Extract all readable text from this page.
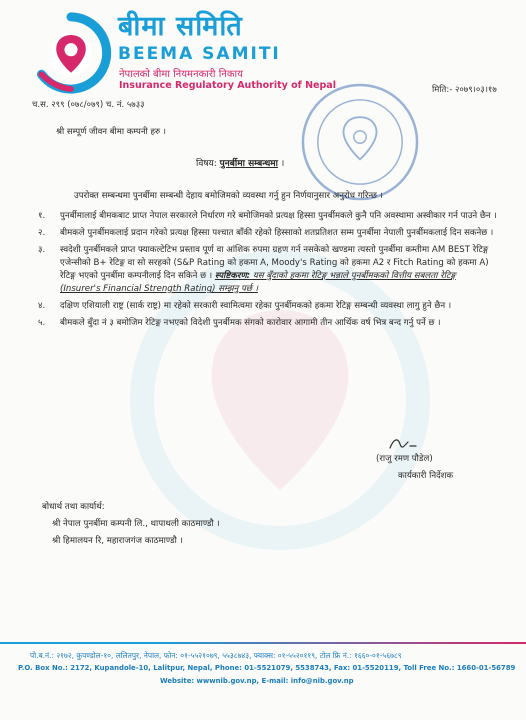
बीमा समिति
BEEMA SAMITI
नेपालको बीमा नियमनकारी निकाय
Insurance Regulatory Authority of Nepal
च.स. २९९ (०७८/०७९) च. नं. ५७३३
मिति:- २०७९।०३।१७
श्री सम्पूर्ण जीवन बीमा कम्पनी हरु ।
विषय: पुनर्बीमा सम्बन्धमा ।
उपरोक्त सम्बन्धमा पुनर्बीमा सम्बन्धी देहाय बमोजिमको व्यवस्था गर्नु हुन निर्णयानुसार अनुरोध गरिन्छ ।
१.	पुनर्बीमालाई बीमकबाट प्राप्त नेपाल सरकारले निर्धारण गरे बमोजिमको प्रत्यक्ष हिस्सा पुनर्बीमकले कुनै पनि अवस्थामा अस्वीकार गर्न पाउने छैन ।
२.	बीमकले पुनर्बीमकलाई प्रदान गरेको प्रत्यक्ष हिस्सा पश्चात बाँकी रहेको हिस्साको शतप्रतिशत सम्म पुनर्बीमा नेपाली पुनर्बीमकलाई दिन सकनेछ ।
३.	स्वदेशी पुनर्बीमकले प्राप्त फ्याकल्टेटिभ प्रस्ताव पूर्ण वा आंशिक रुपमा ग्रहण गर्न नसकेको खण्डमा त्यस्तो पुनर्बीमा कम्तीमा AM BEST रेटिङ्ग एजेन्सीको B+ रेटिङ्ग वा सो सरहको (S&P Rating को हकमा A, Moody's Rating को हकमा A2 र Fitch Rating को हकमा A) रेटिङ्ग भएको पुनर्बीमा कम्पनीलाई दिन सकिने छ । स्पष्टिकरण: यस बुँदाको हकमा रेटिङ्ग भन्नाले पुनर्बीमकको वित्तीय सबलता रेटिङ्ग (Insurer's Financial Strength Rating) सम्झनु पर्छ ।
४.	दक्षिण एशियाली राष्ट्र (सार्क राष्ट्र) मा रहेको सरकारी स्वामित्वमा रहेका पुनर्बीमकको हकमा रेटिङ्ग सम्बन्धी व्यवस्था लागु हुने छैन ।
५.	बीमकले बुँदा नं ३ बमोजिम रेटिङ्ग नभएको विदेशी पुनर्बीमक संगको कारोवार आगामी तीन आर्थिक वर्ष भित्र बन्द गर्नु पर्ने छ ।
(राजु रमण पौडेल)
कार्यकारी निर्देशक
बोधार्थ तथा कार्यार्थ:
श्री नेपाल पुनर्बीमा कम्पनी लि., थापाथली काठमाण्डौ ।
श्री हिमालयन रि, महाराजगंज काठमाण्डौ ।
पो.ब.नं.: २१७२, कुपण्डोल-१०, ललितपुर, नेपाल, फोन: ०१-५५२१०७९, ५५३८७४३, फ्याक्स: ०१-५५२०११९, टोल फ्रि नं.: १६६०-०१-५६७८९
P.O. Box No.: 2172, Kupandole-10, Lalitpur, Nepal, Phone: 01-5521079, 5538743, Fax: 01-5520119, Toll Free No.: 1660-01-56789
Website: wwwnib.gov.np, E-mail: info@nib.gov.np
